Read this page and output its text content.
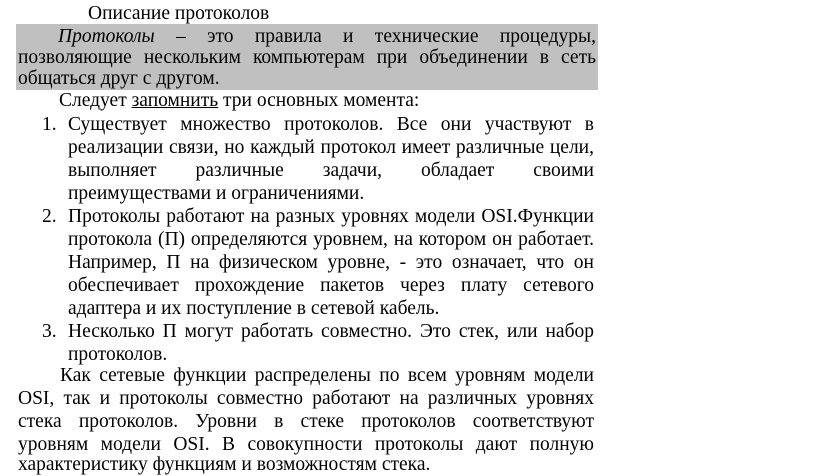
Описание протоколов
Протоколы – это правила и технические процедуры,
позволяющие нескольким компьютерам при объединении в сеть
общаться друг с другом.
Следует запомнить три основных момента:
1. Существует множество протоколов. Все они участвуют в
реализации связи, но каждый протокол имеет различные цели,
выполняет различные задачи, обладает своими
преимуществами и ограничениями.
2. Протоколы работают на разных уровнях модели OSI.Функции
протокола (П) определяются уровнем, на котором он работает.
Например, П на физическом уровне, - это означает, что он
обеспечивает прохождение пакетов через плату сетевого
адаптера и их поступление в сетевой кабель.
3. Несколько П могут работать совместно. Это стек, или набор
протоколов.
Как сетевые функции распределены по всем уровням модели
OSI, так и протоколы совместно работают на различных уровнях
стека протоколов. Уровни в стеке протоколов соответствуют
уровням модели OSI. В совокупности протоколы дают полную
характеристику функциям и возможностям стека.
